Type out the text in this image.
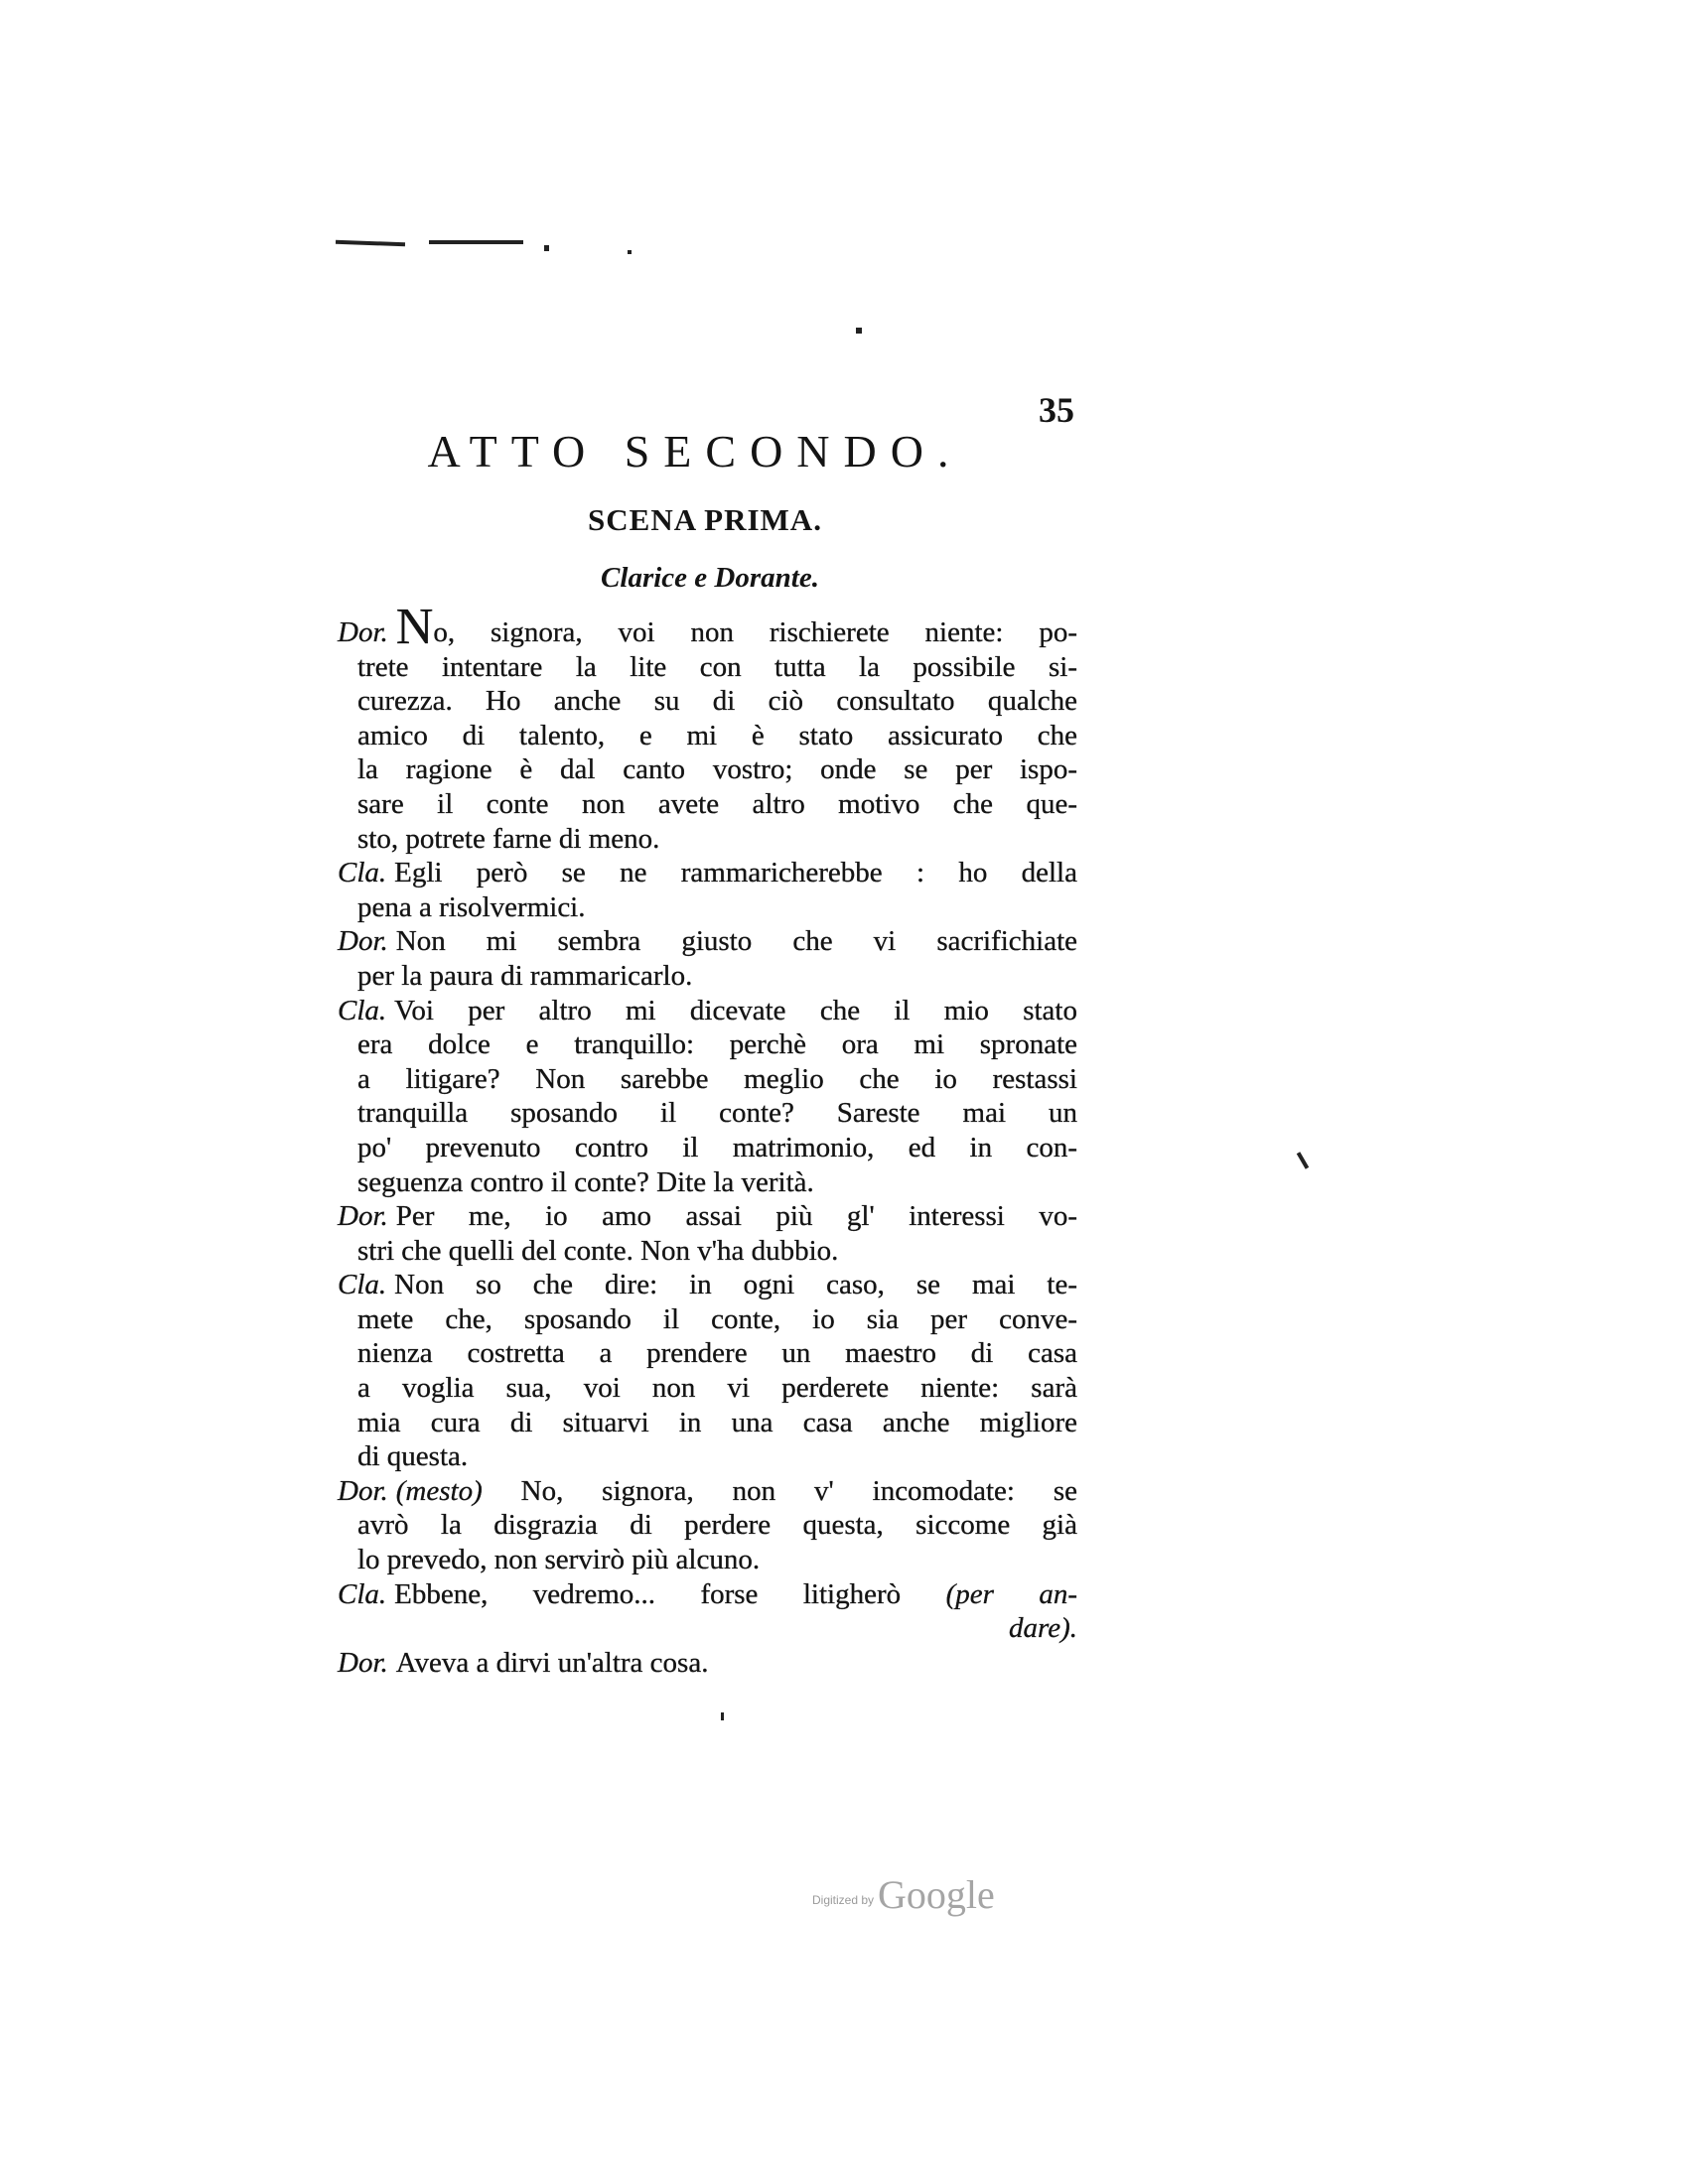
35
ATTO SECONDO.
SCENA PRIMA.
Clarice e Dorante.
Dor. No, signora, voi non rischierete niente: po-
trete intentare la lite con tutta la possibile si-
curezza. Ho anche su di ciò consultato qualche
amico di talento, e mi è stato assicurato che
la ragione è dal canto vostro; onde se per ispo-
sare il conte non avete altro motivo che que-
sto, potrete farne di meno.
Cla. Egli però se ne rammaricherebbe : ho della
pena a risolvermici.
Dor. Non mi sembra giusto che vi sacrifichiate
per la paura di rammaricarlo.
Cla. Voi per altro mi dicevate che il mio stato
era dolce e tranquillo: perchè ora mi spronate
a litigare? Non sarebbe meglio che io restassi
tranquilla sposando il conte? Sareste mai un
po' prevenuto contro il matrimonio, ed in con-
seguenza contro il conte? Dite la verità.
Dor. Per me, io amo assai più gl' interessi vo-
stri che quelli del conte. Non v'ha dubbio.
Cla. Non so che dire: in ogni caso, se mai te-
mete che, sposando il conte, io sia per conve-
nienza costretta a prendere un maestro di casa
a voglia sua, voi non vi perderete niente: sarà
mia cura di situarvi in una casa anche migliore
di questa.
Dor. (mesto) No, signora, non v' incomodate: se
avrò la disgrazia di perdere questa, siccome già
lo prevedo, non servirò più alcuno.
Cla. Ebbene, vedremo... forse litigherò (per an-
dare).
Dor. Aveva a dirvi un'altra cosa.
$^{Digitized by}$ Google
